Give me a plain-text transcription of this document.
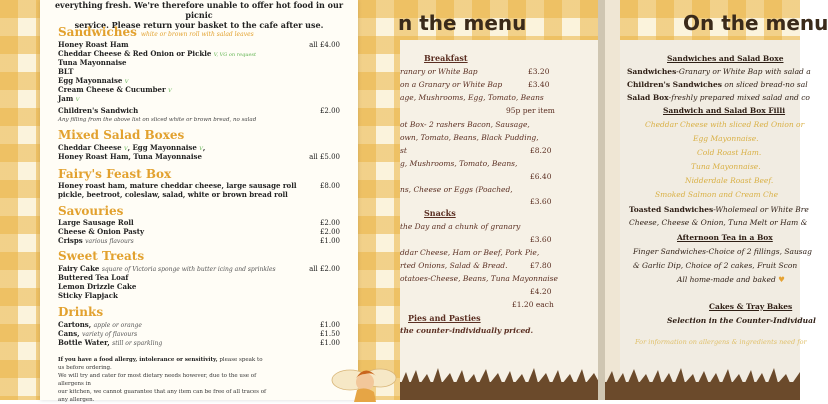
everything fresh. We're therefore unable to offer hot food in our picnic
service. Please return your basket to the cafe after use.
Sandwiches white or brown roll with salad leaves
Honey Roast Ham	all £4.00
Cheddar Cheese & Red Onion or Pickle V, VG on request
Tuna Mayonnaise
BLT
Egg Mayonnaise V
Cream Cheese & Cucumber V
Jam V
Children's Sandwich	£2.00
Any filling from the above list on sliced white or brown bread, no salad
Mixed Salad Boxes
Cheddar Cheese V, Egg Mayonnaise V,
Honey Roast Ham, Tuna Mayonnaise	all £5.00
Fairy's Feast Box
Honey roast ham, mature cheddar cheese, large sausage roll	£8.00
pickle, beetroot, coleslaw, salad, white or brown bread roll
Savouries
Large Sausage Roll	£2.00
Cheese & Onion Pasty	£2.00
Crisps various flavours	£1.00
Sweet Treats
Fairy Cake square of Victoria sponge with butter icing and sprinkles	all £2.00
Buttered Tea Loaf
Lemon Drizzle Cake
Sticky Flapjack
Drinks
Cartons, apple or orange	£1.00
Cans, variety of flavours	£1.50
Bottle Water, still or sparkling	£1.00
If you have a food allergy, intolerance or sensitivity, please speak to us before ordering.
We will try and cater for most dietary needs however, due to the use of allergens in
our kitchen, we cannot guarantee that any item can be free of all traces of any allergen.
n the menu
Breakfast
ranary or White Bap	£3.20
on a Granary or White Bap	£3.40
age, Mushrooms, Egg, Tomato, Beans
95p per item
ot Box- 2 rashers Bacon, Sausage,
own, Tomato, Beans, Black Pudding,
st	£8.20
g, Mushrooms, Tomato, Beans,
£6.40
ns, Cheese or Eggs (Poached,
£3.60
Snacks
the Day and a chunk of granary
£3.60
ddar Cheese, Ham or Beef, Pork Pie,
rted Onions, Salad & Bread.	£7.80
otatoes-Cheese, Beans, Tuna Mayonnaise
£4.20
£1.20 each
Pies and Pasties
the counter-individually priced.
On the menu
Sandwiches and Salad Boxe
Sandwiches-Granary or White Bap with salad a
Children's Sandwiches on sliced bread-no sal
Salad Box-freshly prepared mixed salad and co
Sandwich and Salad Box Filli
Cheddar Cheese with sliced Red Onion or
Egg Mayonnaise.
Cold Roast Ham.
Tuna Mayonnaise.
Nidderdale Roast Beef.
Smoked Salmon and Cream Che
Toasted Sandwiches-Wholemeal or White Bre
Cheese, Cheese & Onion, Tuna Melt or Ham &
Afternoon Tea in a Box
Finger Sandwiches-Choice of 2 fillings, Sausag
& Garlic Dip, Choice of 2 cakes, Fruit Scon
All home-made and baked ♥
Cakes & Tray Bakes
Selection in the Counter-Individual
For information on allergens & ingredients need for
